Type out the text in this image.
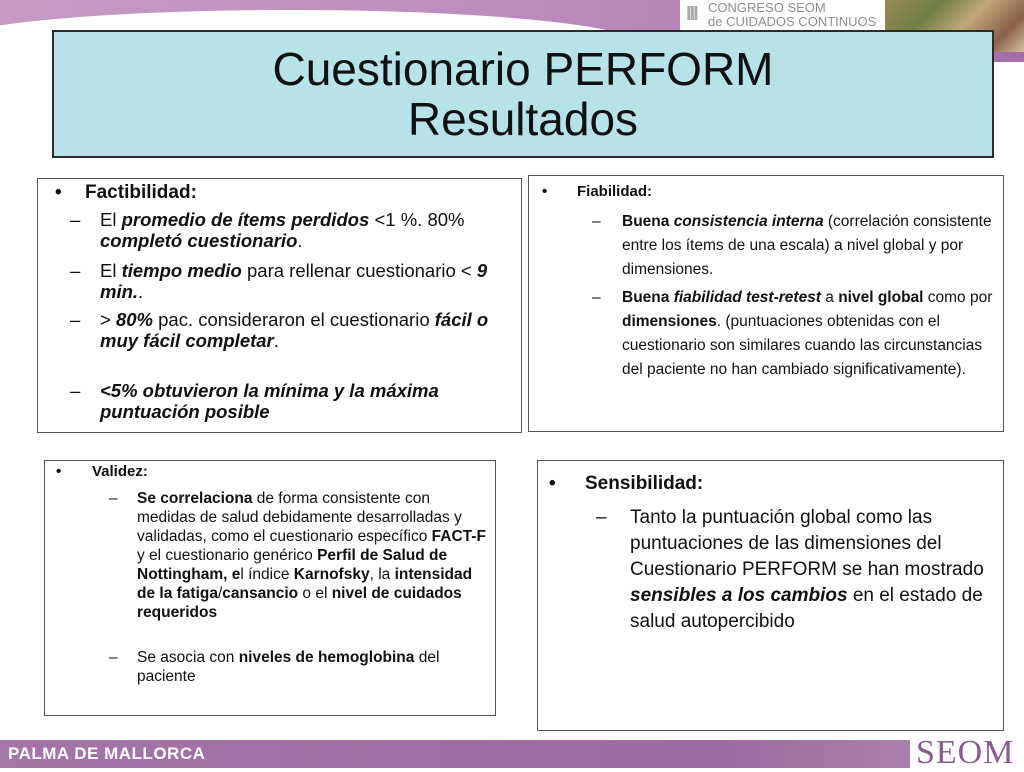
III CONGRESO SEOM
de CUIDADOS CONTINUOS
Cuestionario PERFORM
Resultados
• Factibilidad:
– El promedio de ítems perdidos <1 %. 80% completó cuestionario.
– El tiempo medio para rellenar cuestionario < 9 min..
– > 80% pac. consideraron el cuestionario fácil o muy fácil completar.
– <5% obtuvieron la mínima y la máxima puntuación posible
• Fiabilidad:
– Buena consistencia interna (correlación consistente entre los ítems de una escala) a nivel global y por dimensiones.
– Buena fiabilidad test-retest a nivel global como por dimensiones. (puntuaciones obtenidas con el cuestionario son similares cuando las circunstancias del paciente no han cambiado significativamente).
• Validez:
– Se correlaciona de forma consistente con medidas de salud debidamente desarrolladas y validadas, como el cuestionario específico FACT-F y el cuestionario genérico Perfil de Salud de Nottingham, el índice Karnofsky, la intensidad de la fatiga/cansancio o el nivel de cuidados requeridos
– Se asocia con niveles de hemoglobina del paciente
• Sensibilidad:
– Tanto la puntuación global como las puntuaciones de las dimensiones del Cuestionario PERFORM se han mostrado sensibles a los cambios en el estado de salud autopercibido
PALMA DE MALLORCA	SEOM
